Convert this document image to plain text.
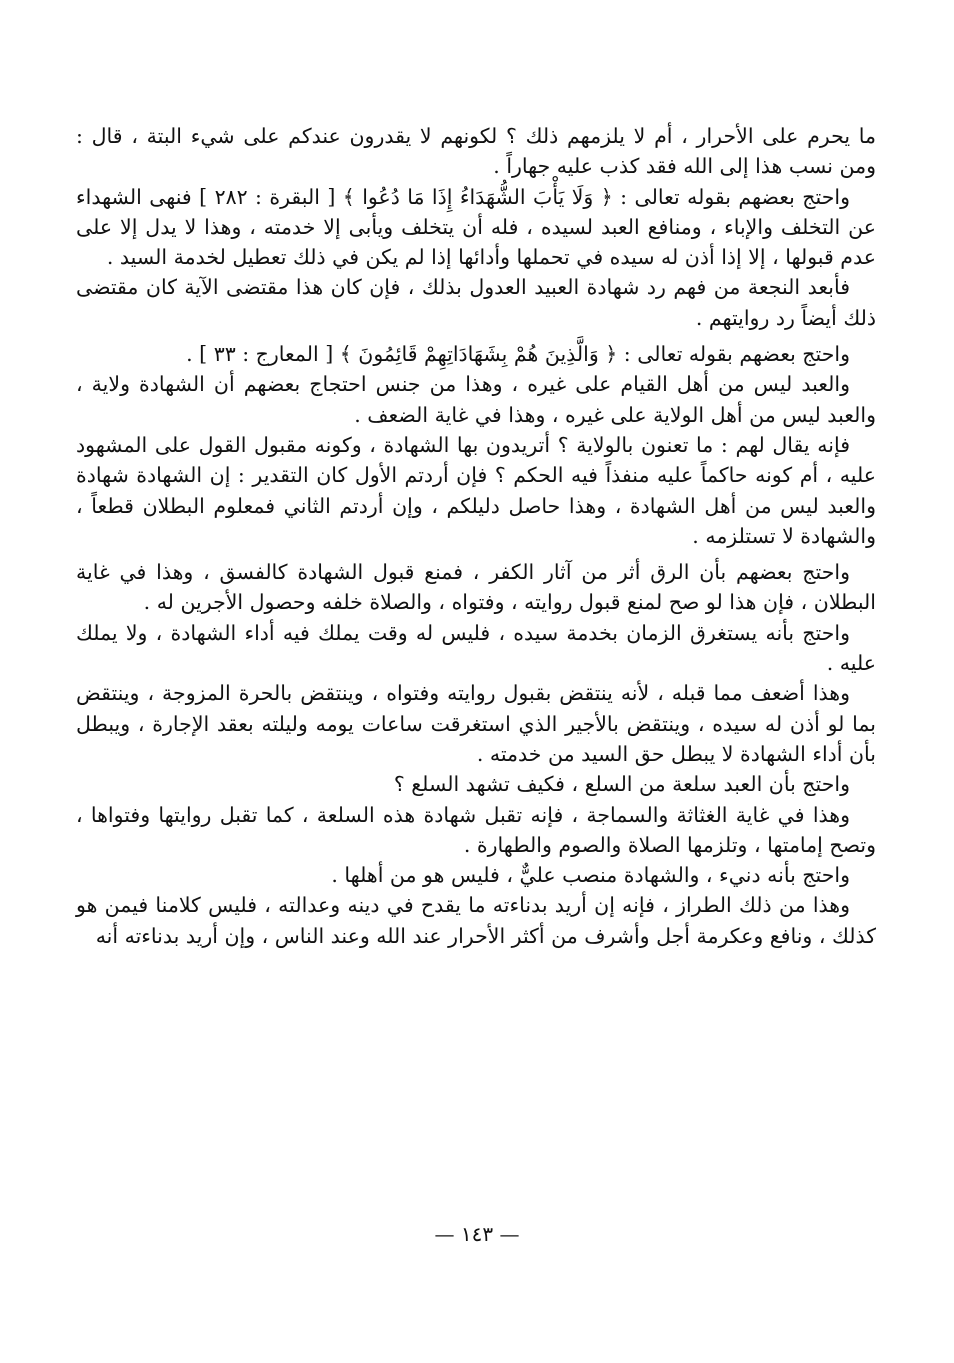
ما يحرم على الأحرار ، أم لا يلزمهم ذلك ؟ لكونهم لا يقدرون عندكم على شيء البتة ، قال : ومن نسب هذا إلى الله فقد كذب عليه جهاراً .

واحتج بعضهم بقوله تعالى : ﴿ وَلَا يَأْبَ الشُّهَدَاءُ إِذَا مَا دُعُوا ﴾ [ البقرة : ٢٨٢ ] فنهى الشهداء عن التخلف والإباء ، ومنافع العبد لسيده ، فله أن يتخلف ويأبى إلا خدمته ، وهذا لا يدل إلا على عدم قبولها ، إلا إذا أذن له سيده في تحملها وأدائها إذا لم يكن في ذلك تعطيل لخدمة السيد .

فأبعد النجعة من فهم رد شهادة العبيد العدول بذلك ، فإن كان هذا مقتضى الآية كان مقتضى ذلك أيضاً رد روايتهم .

واحتج بعضهم بقوله تعالى : ﴿ وَالَّذِينَ هُمْ بِشَهَادَاتِهِمْ قَائِمُونَ ﴾ [ المعارج : ٣٣ ] .

والعبد ليس من أهل القيام على غيره ، وهذا من جنس احتجاج بعضهم أن الشهادة ولاية ، والعبد ليس من أهل الولاية على غيره ، وهذا في غاية الضعف .

فإنه يقال لهم : ما تعنون بالولاية ؟ أتريدون بها الشهادة ، وكونه مقبول القول على المشهود عليه ، أم كونه حاكماً عليه منفذاً فيه الحكم ؟ فإن أردتم الأول كان التقدير : إن الشهادة شهادة والعبد ليس من أهل الشهادة ، وهذا حاصل دليلكم ، وإن أردتم الثاني فمعلوم البطلان قطعاً ، والشهادة لا تستلزمه .

واحتج بعضهم بأن الرق أثر من آثار الكفر ، فمنع قبول الشهادة كالفسق ، وهذا في غاية البطلان ، فإن هذا لو صح لمنع قبول روايته ، وفتواه ، والصلاة خلفه وحصول الأجرين له .

واحتج بأنه يستغرق الزمان بخدمة سيده ، فليس له وقت يملك فيه أداء الشهادة ، ولا يملك عليه .

وهذا أضعف مما قبله ، لأنه ينتقض بقبول روايته وفتواه ، وينتقض بالحرة المزوجة ، وينتقض بما لو أذن له سيده ، وينتقض بالأجير الذي استغرقت ساعات يومه وليلته بعقد الإجارة ، ويبطل بأن أداء الشهادة لا يبطل حق السيد من خدمته .

واحتج بأن العبد سلعة من السلع ، فكيف تشهد السلع ؟

وهذا في غاية الغثاثة والسماجة ، فإنه تقبل شهادة هذه السلعة ، كما تقبل روايتها وفتواها ، وتصح إمامتها ، وتلزمها الصلاة والصوم والطهارة .

واحتج بأنه دنيء ، والشهادة منصب عليٌّ ، فليس هو من أهلها .

وهذا من ذلك الطراز ، فإنه إن أريد بدناءته ما يقدح في دينه وعدالته ، فليس كلامنا فيمن هو كذلك ، ونافع وعكرمة أجل وأشرف من أكثر الأحرار عند الله وعند الناس ، وإن أريد بدناءته أنه

— ١٤٣ —
